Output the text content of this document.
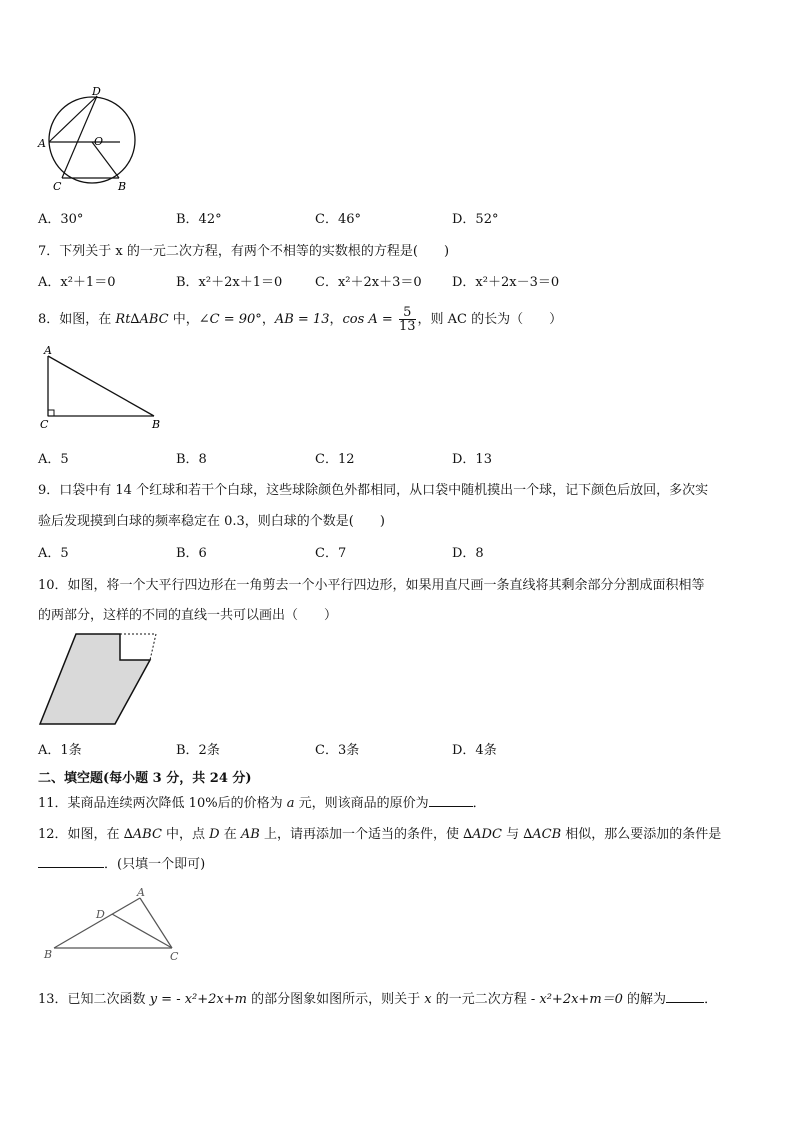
D
A	O
C	B
A．30°	B．42°	C．46°	D．52°
7．下列关于 x 的一元二次方程，有两个不相等的实数根的方程是(　　)
A．x²＋1＝0	B．x²＋2x＋1＝0	C．x²＋2x＋3＝0 D．x²＋2x－3＝0
8．如图，在 Rt∆ABC 中，∠C = 90°，AB = 13，$\cos A = \frac{5}{13}$ ，则 AC 的长为（　　）
A
C	B
A．5	B．8	C．12	D．13
9．口袋中有 14 个红球和若干个白球，这些球除颜色外都相同，从口袋中随机摸出一个球，记下颜色后放回，多次实
验后发现摸到白球的频率稳定在 0.3，则白球的个数是(　　)
A．5	B．6	C．7	D．8
10．如图，将一个大平行四边形在一角剪去一个小平行四边形，如果用直尺画一条直线将其剩余部分分割成面积相等
的两部分，这样的不同的直线一共可以画出（　　）
A．1条	B．2条	C．3条	D．4条
二、填空题(每小题 3 分，共 24 分)
11．某商品连续两次降低 10%后的价格为 a 元，则该商品的原价为	．
12．如图，在 ∆ABC 中，点 D 在 AB 上，请再添加一个适当的条件，使 ∆ADC 与 ∆ACB 相似，那么要添加的条件是
．(只填一个即可)
A
D
B	C
13．已知二次函数 y = - x²+2x+m 的部分图象如图所示，则关于 x 的一元二次方程 - x²+2x+m＝0 的解为	．
